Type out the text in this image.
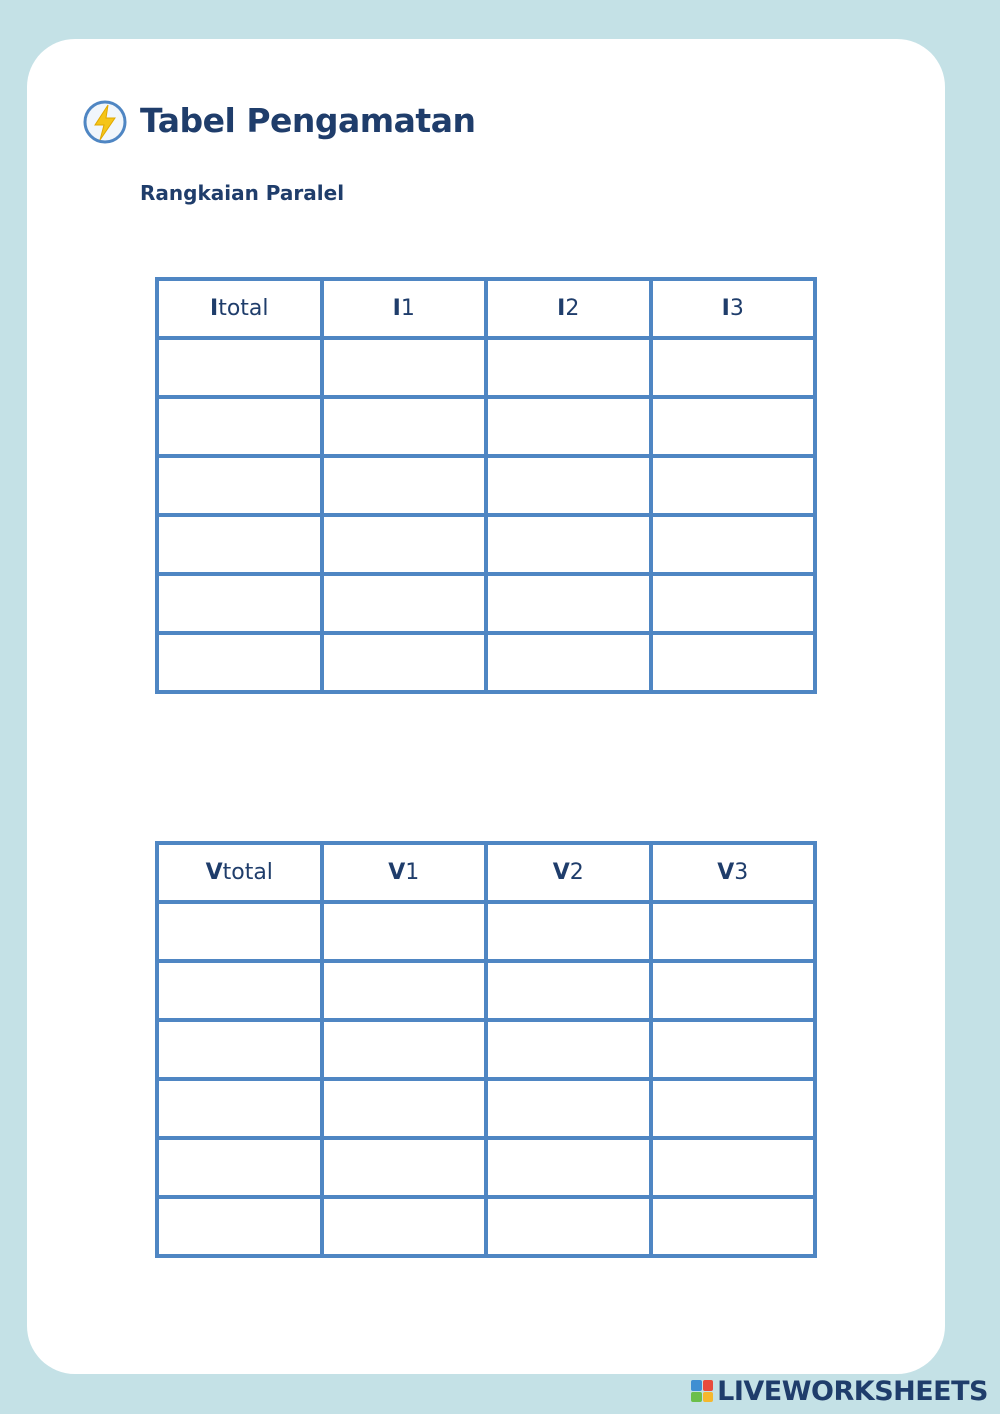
Tabel Pengamatan
Rangkaian Paralel
Itotal	I1	I2	I3

Vtotal	V1	V2	V3

LIVEWORKSHEETS
